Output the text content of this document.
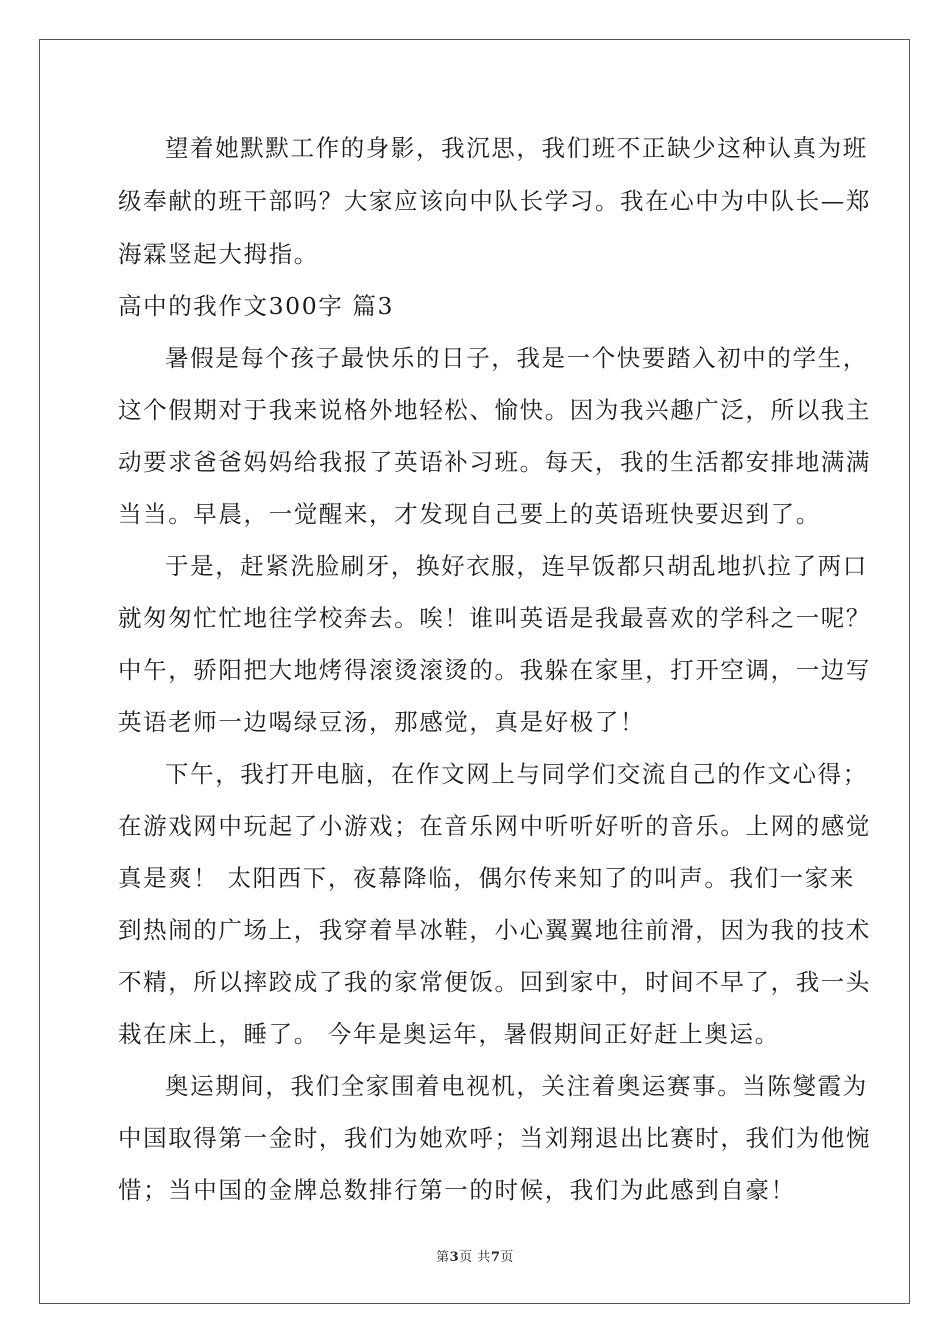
望着她默默工作的身影，我沉思，我们班不正缺少这种认真为班
级奉献的班干部吗？大家应该向中队长学习。我在心中为中队长—郑
海霖竖起大拇指。
高中的我作文300字 篇3
暑假是每个孩子最快乐的日子，我是一个快要踏入初中的学生，
这个假期对于我来说格外地轻松、愉快。因为我兴趣广泛，所以我主
动要求爸爸妈妈给我报了英语补习班。每天，我的生活都安排地满满
当当。早晨，一觉醒来，才发现自己要上的英语班快要迟到了。
于是，赶紧洗脸刷牙，换好衣服，连早饭都只胡乱地扒拉了两口
就匆匆忙忙地往学校奔去。唉！谁叫英语是我最喜欢的学科之一呢？
中午，骄阳把大地烤得滚烫滚烫的。我躲在家里，打开空调，一边写
英语老师一边喝绿豆汤，那感觉，真是好极了！
下午，我打开电脑，在作文网上与同学们交流自己的作文心得；
在游戏网中玩起了小游戏；在音乐网中听听好听的音乐。上网的感觉
真是爽！ 太阳西下，夜幕降临，偶尔传来知了的叫声。我们一家来
到热闹的广场上，我穿着旱冰鞋，小心翼翼地往前滑，因为我的技术
不精，所以摔跤成了我的家常便饭。回到家中，时间不早了，我一头
栽在床上，睡了。 今年是奥运年，暑假期间正好赶上奥运。
奥运期间，我们全家围着电视机，关注着奥运赛事。当陈燮霞为
中国取得第一金时，我们为她欢呼；当刘翔退出比赛时，我们为他惋
惜；当中国的金牌总数排行第一的时候，我们为此感到自豪！
第3页 共7页
